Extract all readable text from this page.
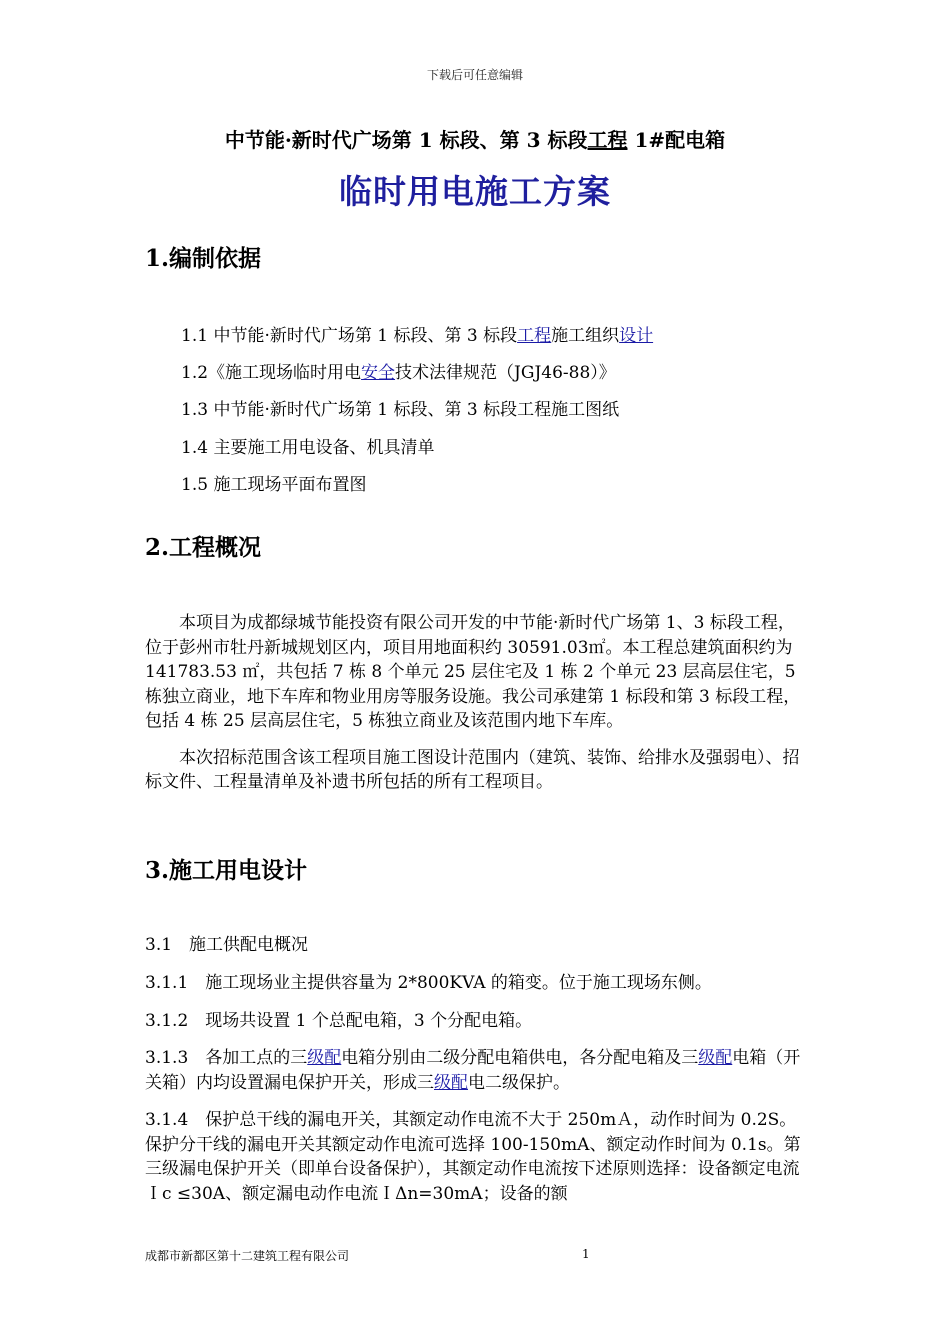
下载后可任意编辑
中节能·新时代广场第 1 标段、第 3 标段工程 1#配电箱
临时用电施工方案
1.编制依据
1.1 中节能·新时代广场第 1 标段、第 3 标段工程施工组织设计
1.2《施工现场临时用电安全技术法律规范（JGJ46-88）》
1.3 中节能·新时代广场第 1 标段、第 3 标段工程施工图纸
1.4 主要施工用电设备、机具清单
1.5 施工现场平面布置图
2.工程概况

本项目为成都绿城节能投资有限公司开发的中节能·新时代广场第 1、3 标段工程，位于彭州市牡丹新城规划区内，项目用地面积约 30591.03㎡。本工程总建筑面积约为 141783.53 ㎡，共包括 7 栋 8 个单元 25 层住宅及 1 栋 2 个单元 23 层高层住宅，5 栋独立商业，地下车库和物业用房等服务设施。我公司承建第 1 标段和第 3 标段工程，包括 4 栋 25 层高层住宅，5 栋独立商业及该范围内地下车库。

本次招标范围含该工程项目施工图设计范围内（建筑、装饰、给排水及强弱电）、招标文件、工程量清单及补遗书所包括的所有工程项目。

3.施工用电设计
3.1　施工供配电概况
3.1.1　施工现场业主提供容量为 2*800KVA 的箱变。位于施工现场东侧。
3.1.2　现场共设置 1 个总配电箱，3 个分配电箱。
3.1.3　各加工点的三级配电箱分别由二级分配电箱供电，各分配电箱及三级配电箱（开关箱）内均设置漏电保护开关，形成三级配电二级保护。
3.1.4　保护总干线的漏电开关，其额定动作电流不大于 250mＡ，动作时间为 0.2S。保护分干线的漏电开关其额定动作电流可选择 100-150mA、额定动作时间为 0.1s。第三级漏电保护开关（即单台设备保护），其额定动作电流按下述原则选择：设备额定电流Ｉc ≤30A、额定漏电动作电流ＩΔn=30mA；设备的额
成都市新都区第十二建筑工程有限公司	1
